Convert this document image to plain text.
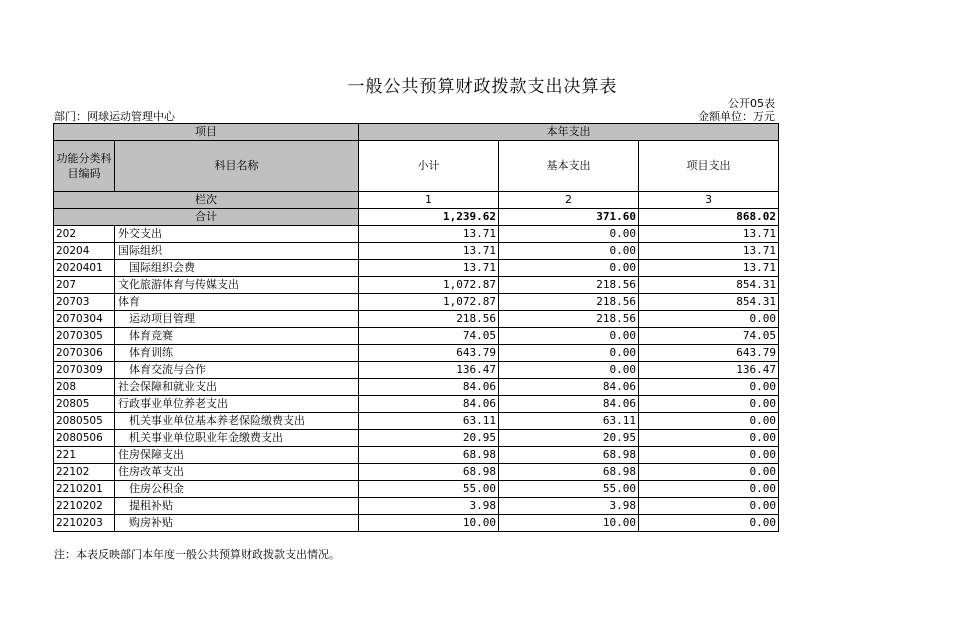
一般公共预算财政拨款支出决算表
公开05表
部门：网球运动管理中心	金额单位：万元
项目		本年支出		
功能分类科目编码	科目名称	小计	基本支出	项目支出
栏次		1	2	3
合计		1,239.62	371.60	868.02
202	外交支出	13.71	0.00	13.71
20204	国际组织	13.71	0.00	13.71
2020401	国际组织会费	13.71	0.00	13.71
207	文化旅游体育与传媒支出	1,072.87	218.56	854.31
20703	体育	1,072.87	218.56	854.31
2070304	运动项目管理	218.56	218.56	0.00
2070305	体育竞赛	74.05	0.00	74.05
2070306	体育训练	643.79	0.00	643.79
2070309	体育交流与合作	136.47	0.00	136.47
208	社会保障和就业支出	84.06	84.06	0.00
20805	行政事业单位养老支出	84.06	84.06	0.00
2080505	机关事业单位基本养老保险缴费支出	63.11	63.11	0.00
2080506	机关事业单位职业年金缴费支出	20.95	20.95	0.00
221	住房保障支出	68.98	68.98	0.00
22102	住房改革支出	68.98	68.98	0.00
2210201	住房公积金	55.00	55.00	0.00
2210202	提租补贴	3.98	3.98	0.00
2210203	购房补贴	10.00	10.00	0.00
注：本表反映部门本年度一般公共预算财政拨款支出情况。
